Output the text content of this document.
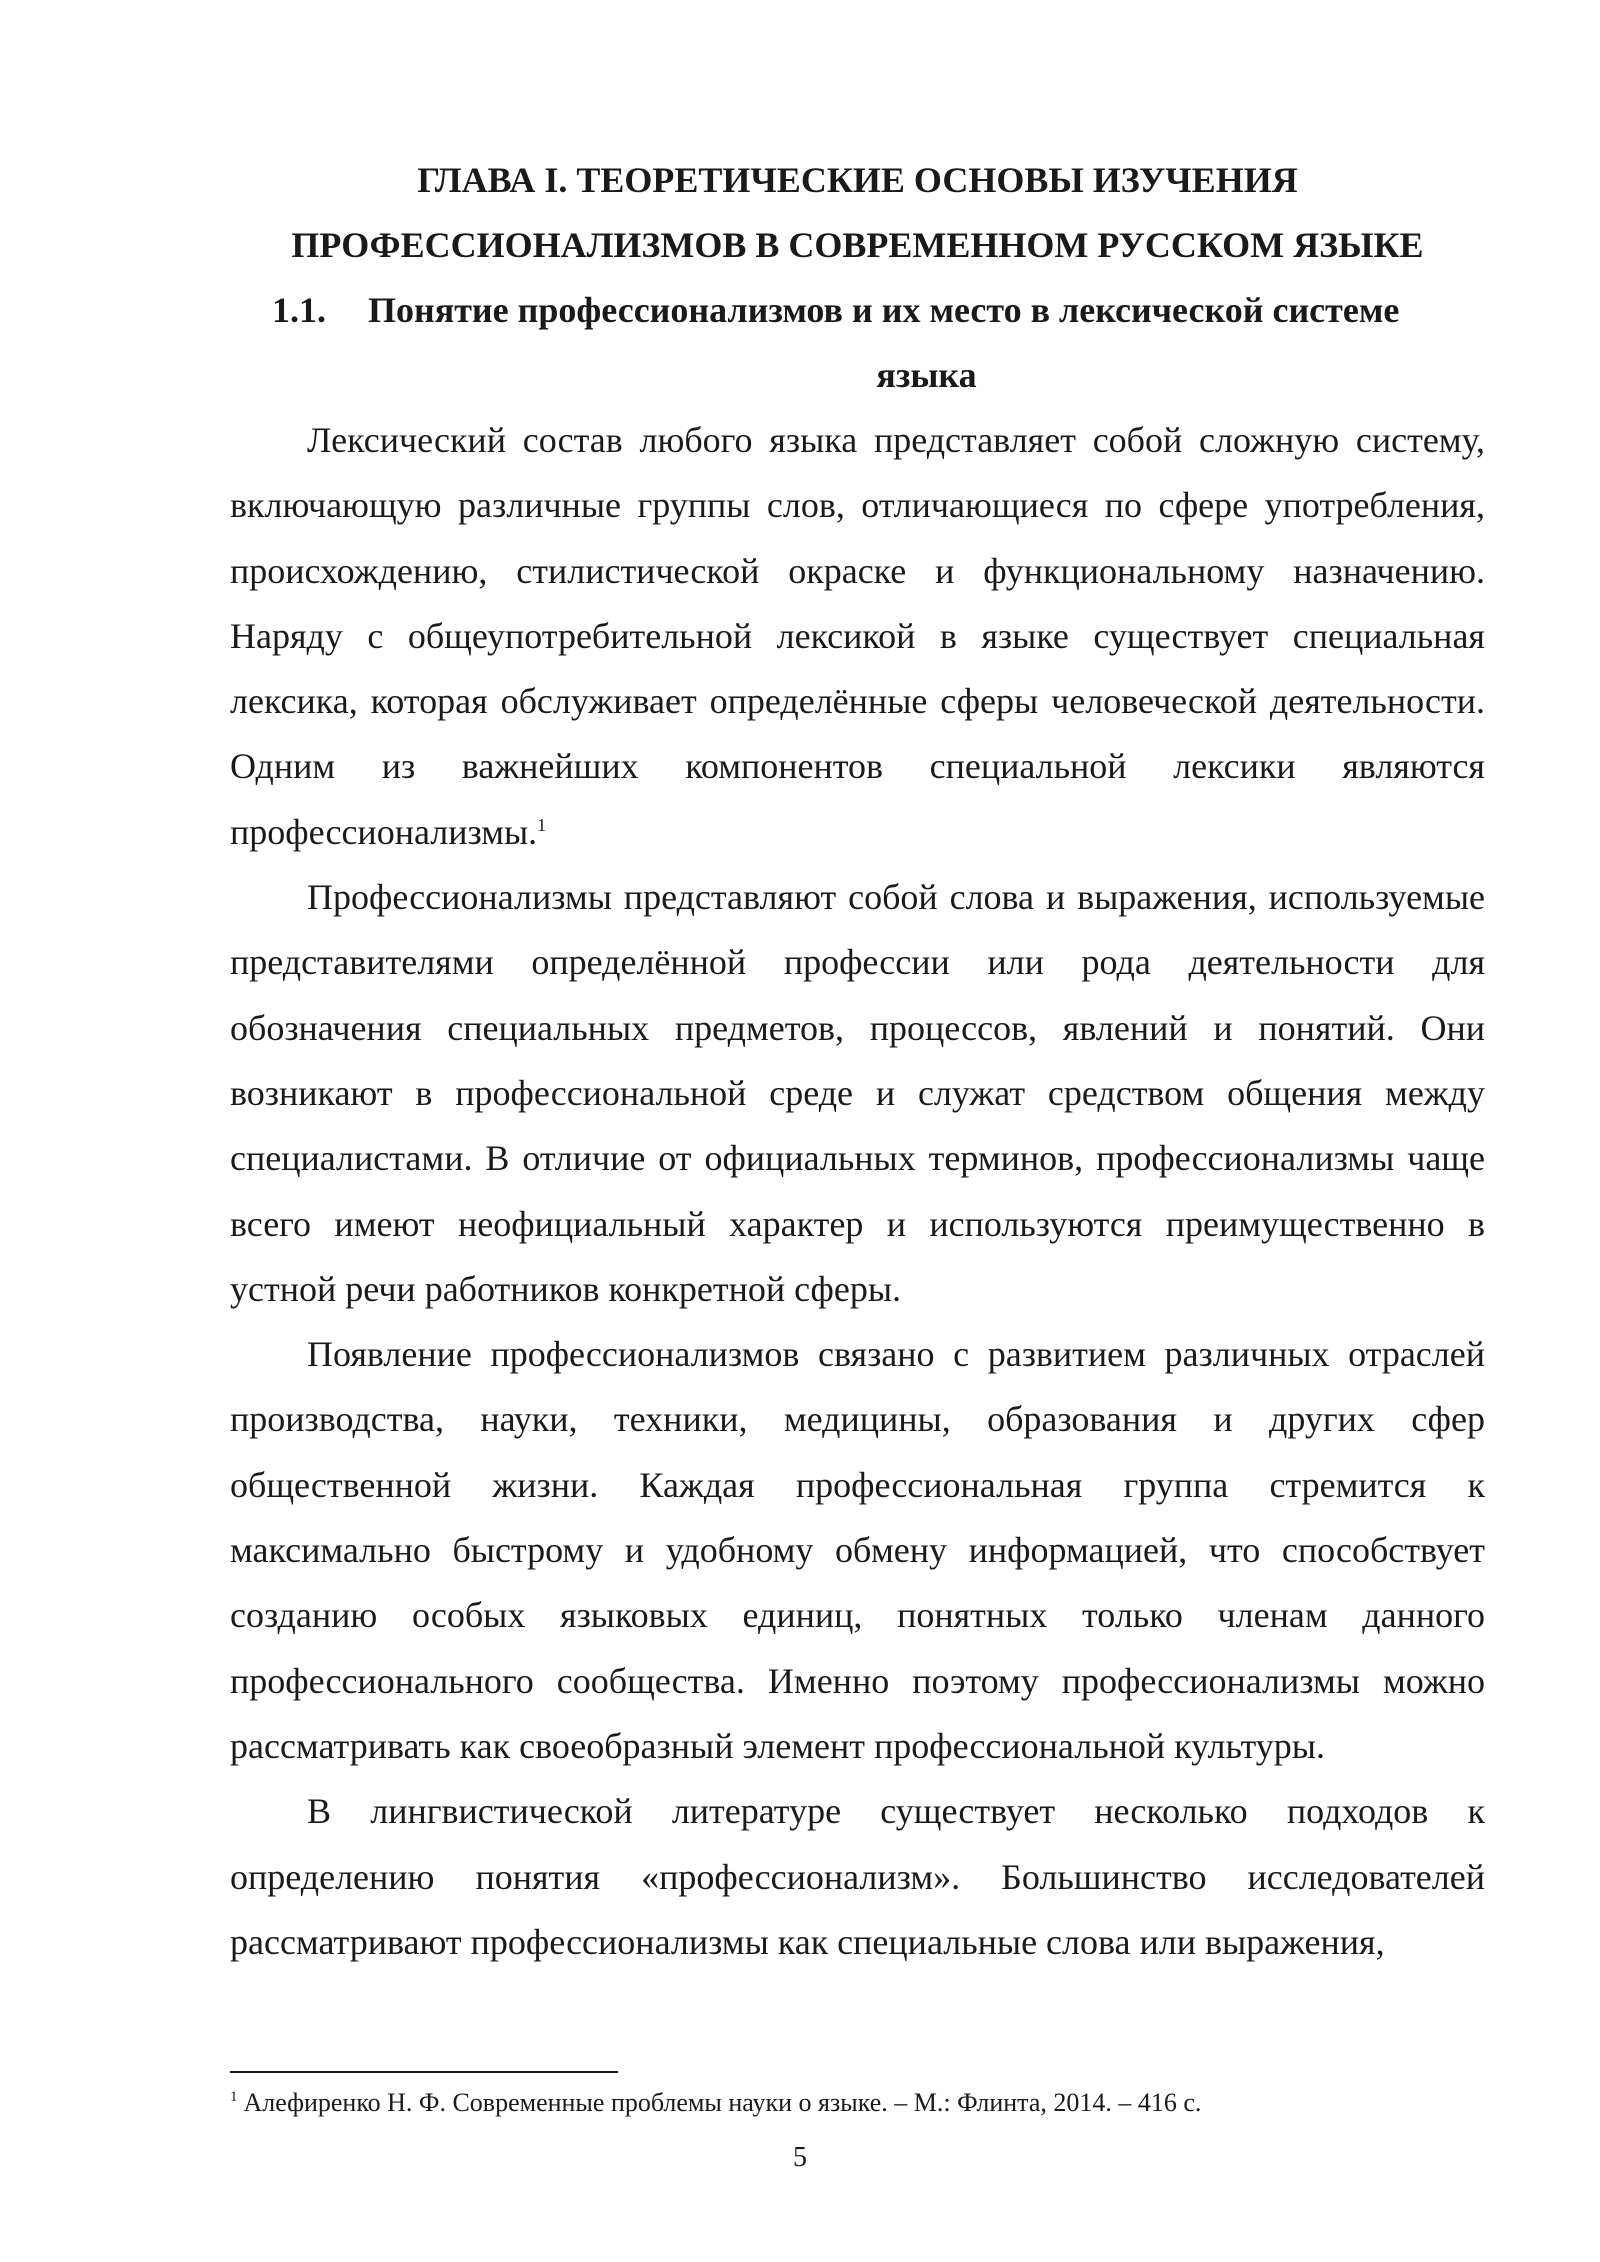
ГЛАВА I. ТЕОРЕТИЧЕСКИЕ ОСНОВЫ ИЗУЧЕНИЯ
ПРОФЕССИОНАЛИЗМОВ В СОВРЕМЕННОМ РУССКОМ ЯЗЫКЕ
1.1.	Понятие профессионализмов и их место в лексической системе
языка

Лексический состав любого языка представляет собой сложную систему, включающую различные группы слов, отличающиеся по сфере употребления, происхождению, стилистической окраске и функциональному назначению. Наряду с общеупотребительной лексикой в языке существует специальная лексика, которая обслуживает определённые сферы человеческой деятельности. Одним из важнейших компонентов специальной лексики являются профессионализмы.$^1$

Профессионализмы представляют собой слова и выражения, используемые представителями определённой профессии или рода деятельности для обозначения специальных предметов, процессов, явлений и понятий. Они возникают в профессиональной среде и служат средством общения между специалистами. В отличие от официальных терминов, профессионализмы чаще всего имеют неофициальный характер и используются преимущественно в устной речи работников конкретной сферы.

Появление профессионализмов связано с развитием различных отраслей производства, науки, техники, медицины, образования и других сфер общественной жизни. Каждая профессиональная группа стремится к максимально быстрому и удобному обмену информацией, что способствует созданию особых языковых единиц, понятных только членам данного профессионального сообщества. Именно поэтому профессионализмы можно рассматривать как своеобразный элемент профессиональной культуры.

В лингвистической литературе существует несколько подходов к определению понятия «профессионализм». Большинство исследователей рассматривают профессионализмы как специальные слова или выражения,

$^1$ Алефиренко Н. Ф. Современные проблемы науки о языке. – М.: Флинта, 2014. – 416 с.
5
